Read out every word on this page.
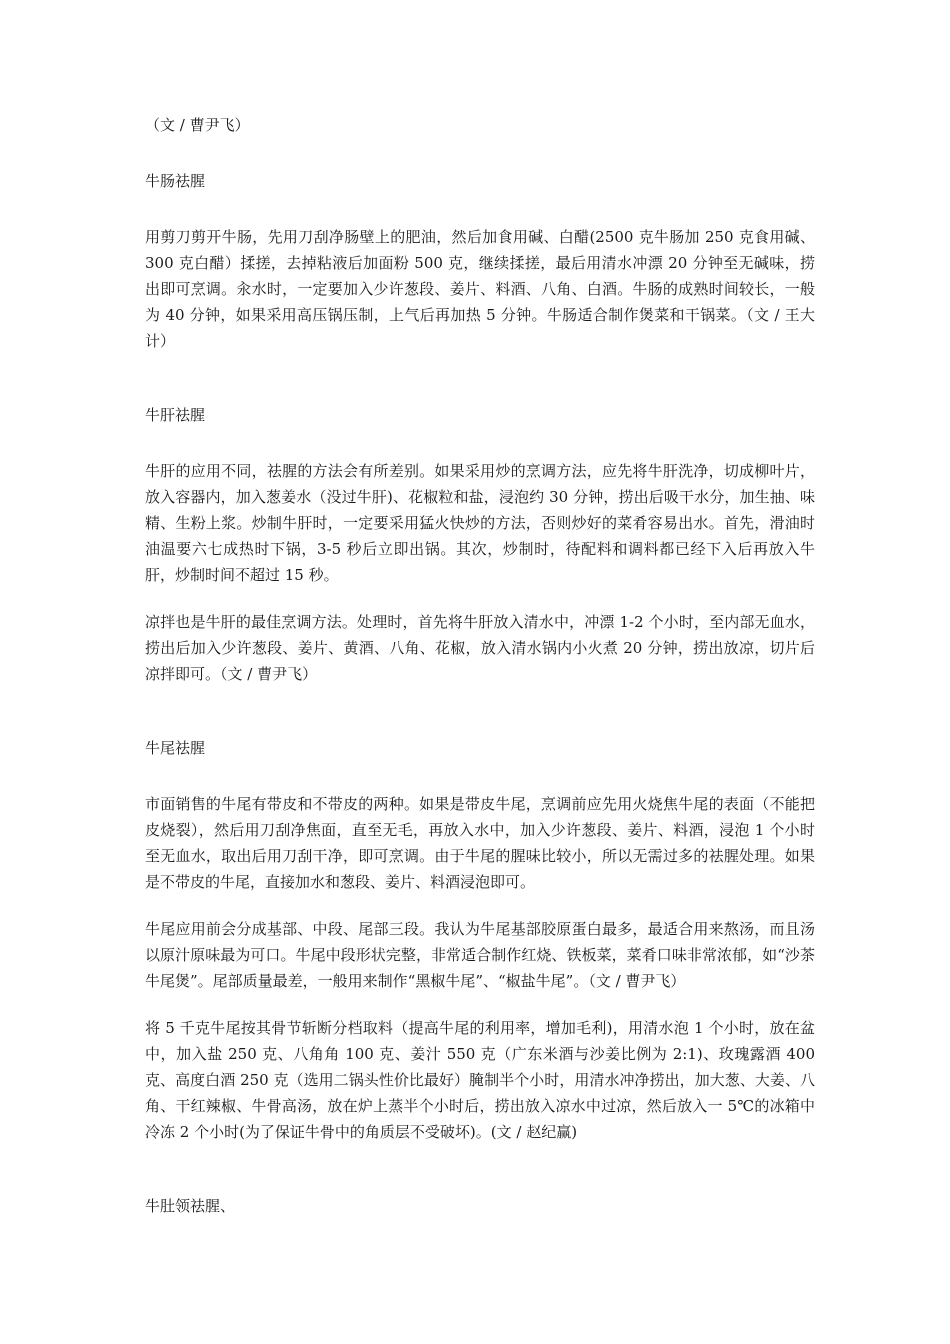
（文 / 曹尹飞）

牛肠祛腥

用剪刀剪开牛肠，先用刀刮净肠壁上的肥油，然后加食用碱、白醋(2500 克牛肠加 250 克食用碱、300 克白醋）揉搓，去掉粘液后加面粉 500 克，继续揉搓，最后用清水冲漂 20 分钟至无碱味，捞出即可烹调。汆水时，一定要加入少许葱段、姜片、料酒、八角、白酒。牛肠的成熟时间较长，一般为 40 分钟，如果采用高压锅压制，上气后再加热 5 分钟。牛肠适合制作煲菜和干锅菜。（文 / 王大计）

牛肝祛腥

牛肝的应用不同，祛腥的方法会有所差别。如果采用炒的烹调方法，应先将牛肝洗净，切成柳叶片，放入容器内，加入葱姜水（没过牛肝)、花椒粒和盐，浸泡约 30 分钟，捞出后吸干水分，加生抽、味精、生粉上浆。炒制牛肝时，一定要采用猛火快炒的方法，否则炒好的菜肴容易出水。首先，滑油时油温要六七成热时下锅，3-5 秒后立即出锅。其次，炒制时，待配料和调料都已经下入后再放入牛肝，炒制时间不超过 15 秒。

凉拌也是牛肝的最佳烹调方法。处理时，首先将牛肝放入清水中，冲漂 1-2 个小时，至内部无血水，捞出后加入少许葱段、姜片、黄酒、八角、花椒，放入清水锅内小火煮 20 分钟，捞出放凉，切片后凉拌即可。（文 / 曹尹飞）

牛尾祛腥

市面销售的牛尾有带皮和不带皮的两种。如果是带皮牛尾，烹调前应先用火烧焦牛尾的表面（不能把皮烧裂），然后用刀刮净焦面，直至无毛，再放入水中，加入少许葱段、姜片、料酒，浸泡 1 个小时至无血水，取出后用刀刮干净，即可烹调。由于牛尾的腥味比较小，所以无需过多的祛腥处理。如果是不带皮的牛尾，直接加水和葱段、姜片、料酒浸泡即可。

牛尾应用前会分成基部、中段、尾部三段。我认为牛尾基部胶原蛋白最多，最适合用来熬汤，而且汤以原汁原味最为可口。牛尾中段形状完整，非常适合制作红烧、铁板菜，菜肴口味非常浓郁，如“沙茶牛尾煲”。尾部质量最差，一般用来制作“黑椒牛尾”、“椒盐牛尾”。（文 / 曹尹飞）

将 5 千克牛尾按其骨节斩断分档取料（提高牛尾的利用率，增加毛利)，用清水泡 1 个小时，放在盆中，加入盐 250 克、八角角 100 克、姜汁 550 克（广东米酒与沙姜比例为 2:1)、玫瑰露酒 400 克、高度白酒 250 克（选用二锅头性价比最好）腌制半个小时，用清水冲净捞出，加大葱、大姜、八角、干红辣椒、牛骨高汤，放在炉上蒸半个小时后，捞出放入凉水中过凉，然后放入一 5℃的冰箱中冷冻 2 个小时(为了保证牛骨中的角质层不受破坏)。(文 / 赵纪赢)

牛肚领祛腥、
